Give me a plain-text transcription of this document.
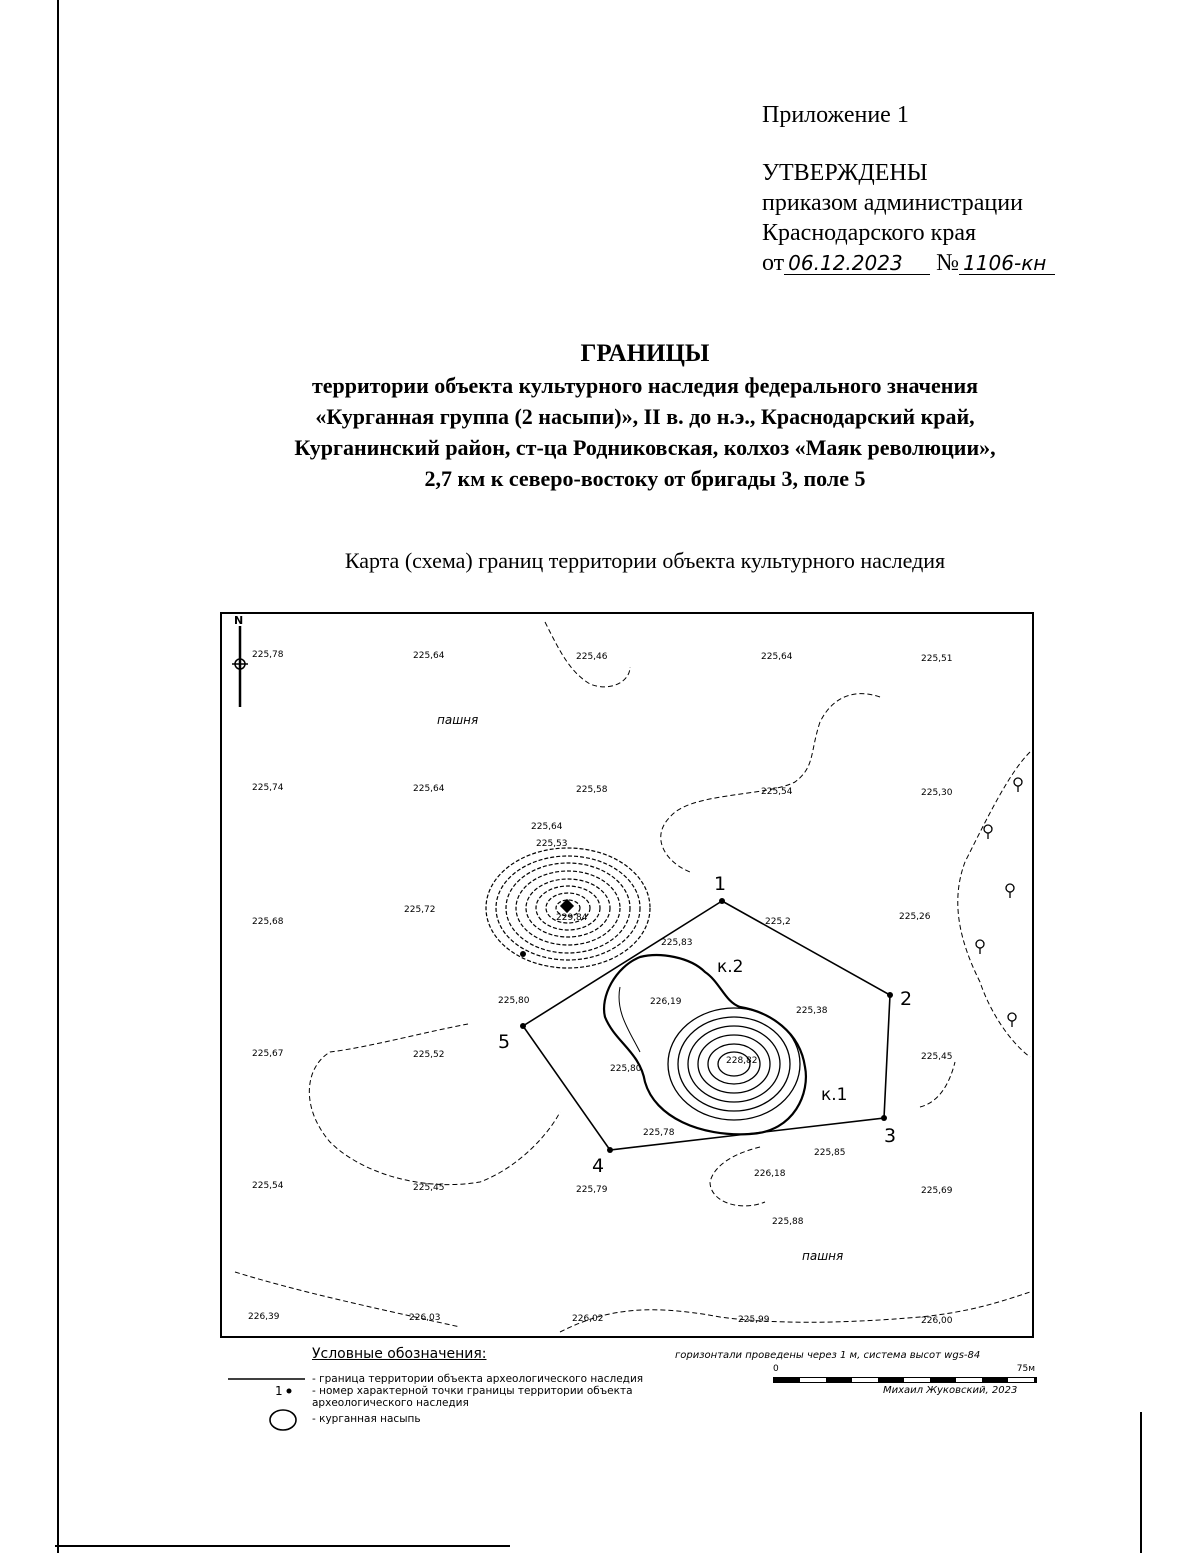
Приложение 1
УТВЕРЖДЕНЫ
приказом администрации
Краснодарского края
от 06.12.2023 № 1106-кн
ГРАНИЦЫ
территории объекта культурного наследия федерального значения
«Курганная группа (2 насыпи)», II в. до н.э., Краснодарский край,
Курганинский район, ст-ца Родниковская, колхоз «Маяк революции»,
2,7 км к северо-востоку от бригады 3, поле 5
Карта (схема) границ территории объекта культурного наследия
N
1
2
3
4
5
к.1
к.2
пашня
пашня
225,78	225,64	225,46	225,64	225,51
225,74	225,64	225,58	225,54	225,30
225,64
225,53
225,68
225,72
229,84
225,83
225,2	225,26
225,80	226,19
225,38
225,67	225,52
225,80
228,82	225,45
225,78
225,85
226,18
225,54	225,45	225,79	225,69
225,88
226,39	226,03	226,02	225,99	226,00
Условные обозначения:
1
- граница территории объекта археологического наследия
- номер характерной точки границы территории объекта археологического наследия
- курганная насыпь
горизонтали проведены через 1 м, система высот wgs-84
0	75м
Михаил Жуковский, 2023
